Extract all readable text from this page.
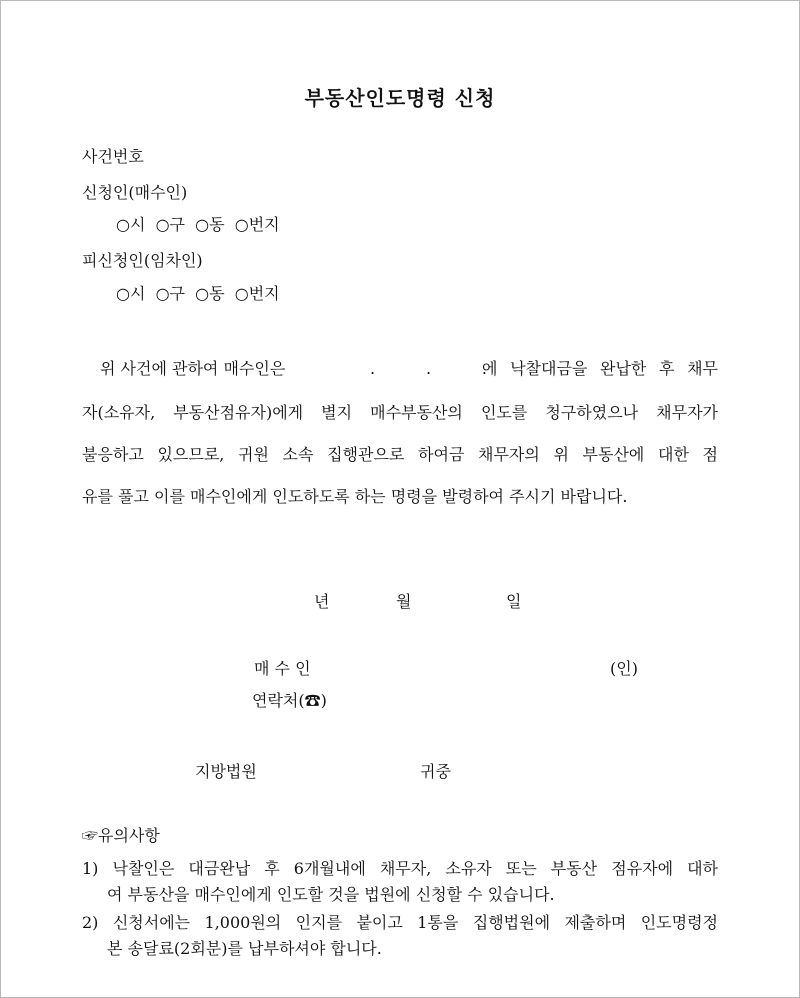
부동산인도명령 신청
사건번호
신청인(매수인)
○시  ○구  ○동  ○번지
피신청인(임차인)
○시  ○구  ○동  ○번지
위 사건에 관하여 매수인은	.          .          .
에 낙찰대금을 완납한 후 채무
자(소유자, 부동산점유자)에게 별지 매수부동산의 인도를 청구하였으나 채무자가
불응하고 있으므로, 귀원 소속 집행관으로 하여금 채무자의 위 부동산에 대한 점
유를 풀고 이를 매수인에게 인도하도록 하는 명령을 발령하여 주시기 바랍니다.
년	월	일
매 수 인	(인)
연락처(☎)
지방법원	귀중
☞유의사항
1) 낙찰인은 대금완납 후 6개월내에 채무자, 소유자 또는 부동산 점유자에 대하
여 부동산을 매수인에게 인도할 것을 법원에 신청할 수 있습니다.
2) 신청서에는 1,000원의 인지를 붙이고 1통을 집행법원에 제출하며 인도명령정
본 송달료(2회분)를 납부하셔야 합니다.
